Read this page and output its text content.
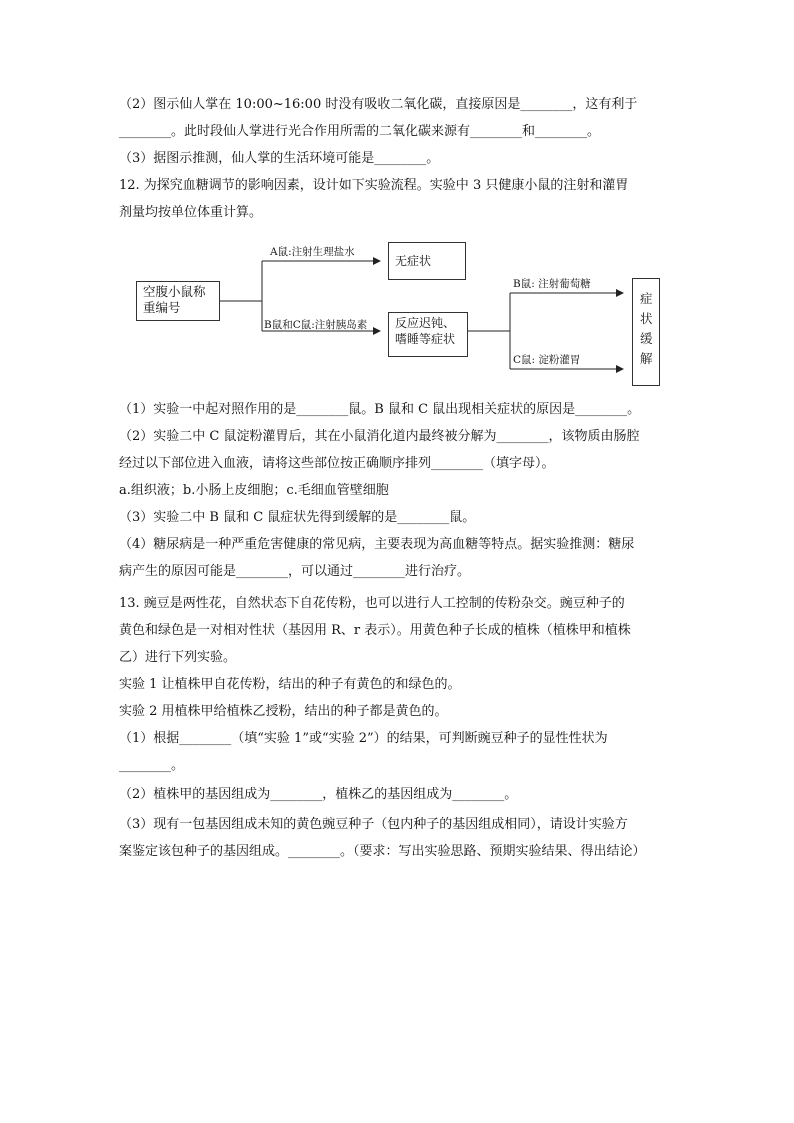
（2）图示仙人掌在 10:00~16:00 时没有吸收二氧化碳，直接原因是________，这有利于
________。此时段仙人掌进行光合作用所需的二氧化碳来源有________和________。
（3）据图示推测，仙人掌的生活环境可能是________。
12. 为探究血糖调节的影响因素，设计如下实验流程。实验中 3 只健康小鼠的注射和灌胃
剂量均按单位体重计算。
空腹小鼠称重编号
A鼠:注射生理盐水
无症状
B鼠和C鼠:注射胰岛素	反应迟钝、嗜睡等症状
B鼠: 注射葡萄糖
C鼠: 淀粉灌胃
症状缓解
（1）实验一中起对照作用的是________鼠。B 鼠和 C 鼠出现相关症状的原因是________。
（2）实验二中 C 鼠淀粉灌胃后，其在小鼠消化道内最终被分解为________，该物质由肠腔
经过以下部位进入血液，请将这些部位按正确顺序排列________（填字母）。
a.组织液；b.小肠上皮细胞；c.毛细血管壁细胞
（3）实验二中 B 鼠和 C 鼠症状先得到缓解的是________鼠。
（4）糖尿病是一种严重危害健康的常见病，主要表现为高血糖等特点。据实验推测：糖尿
病产生的原因可能是________，可以通过________进行治疗。
13. 豌豆是两性花，自然状态下自花传粉，也可以进行人工控制的传粉杂交。豌豆种子的
黄色和绿色是一对相对性状（基因用 R、r 表示）。用黄色种子长成的植株（植株甲和植株
乙）进行下列实验。
实验 1 让植株甲自花传粉，结出的种子有黄色的和绿色的。
实验 2 用植株甲给植株乙授粉，结出的种子都是黄色的。
（1）根据________（填“实验 1”或“实验 2”）的结果，可判断豌豆种子的显性性状为
________。
（2）植株甲的基因组成为________，植株乙的基因组成为________。
（3）现有一包基因组成未知的黄色豌豆种子（包内种子的基因组成相同），请设计实验方
案鉴定该包种子的基因组成。________。（要求：写出实验思路、预期实验结果、得出结论）
